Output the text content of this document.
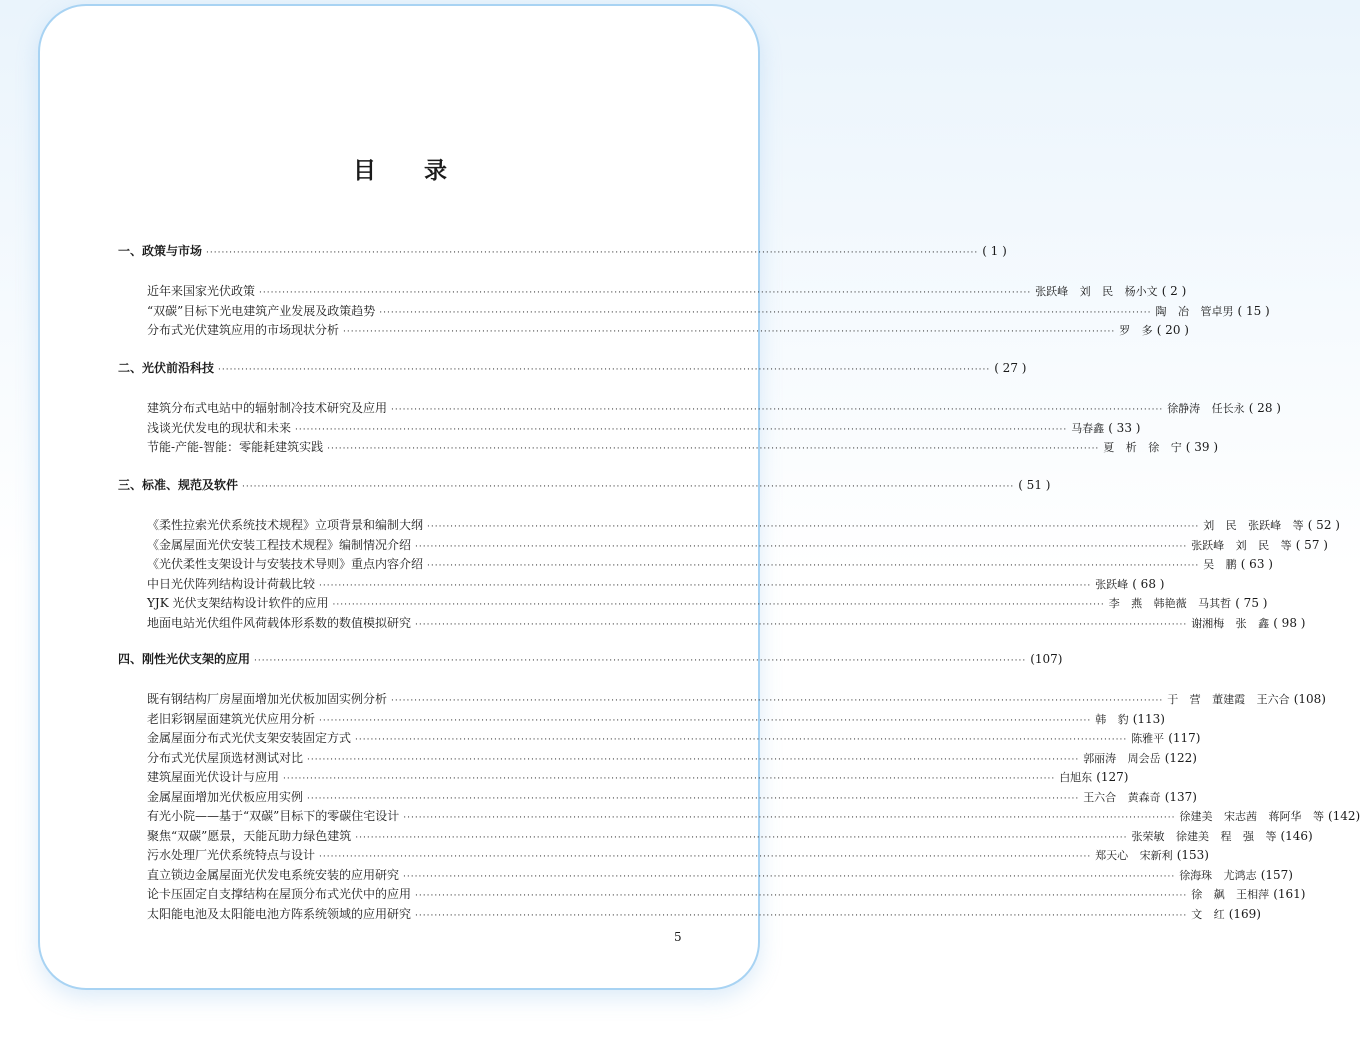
目 录
一、政策与市场 ········································································································································································································ ( 1 )
近年来国家光伏政策 ········································································································································································································ 张跃峰 刘 民 杨小文 ( 2 )
“双碳”目标下光电建筑产业发展及政策趋势 ········································································································································································································ 陶 冶 管卓男 ( 15 )
分布式光伏建筑应用的市场现状分析 ········································································································································································································ 罗 多 ( 20 )
二、光伏前沿科技 ········································································································································································································ ( 27 )
建筑分布式电站中的辐射制冷技术研究及应用 ········································································································································································································ 徐静涛 任长永 ( 28 )
浅谈光伏发电的现状和未来 ········································································································································································································ 马春鑫 ( 33 )
节能-产能-智能：零能耗建筑实践 ········································································································································································································ 夏 析 徐 宁 ( 39 )
三、标准、规范及软件 ········································································································································································································ ( 51 )
《柔性拉索光伏系统技术规程》立项背景和编制大纲 ········································································································································································································ 刘 民 张跃峰 等 ( 52 )
《金属屋面光伏安装工程技术规程》编制情况介绍 ········································································································································································································ 张跃峰 刘 民 等 ( 57 )
《光伏柔性支架设计与安装技术导则》重点内容介绍 ········································································································································································································ 吴 鹏 ( 63 )
中日光伏阵列结构设计荷载比较 ········································································································································································································ 张跃峰 ( 68 )
YJK 光伏支架结构设计软件的应用 ········································································································································································································ 李 燕 韩艳薇 马其哲 ( 75 )
地面电站光伏组件风荷载体形系数的数值模拟研究 ········································································································································································································ 谢湘梅 张 鑫 ( 98 )
四、刚性光伏支架的应用 ········································································································································································································ (107)
既有钢结构厂房屋面增加光伏板加固实例分析 ········································································································································································································ 于 营 董建霞 王六合 (108)
老旧彩钢屋面建筑光伏应用分析 ········································································································································································································ 韩 豹 (113)
金属屋面分布式光伏支架安装固定方式 ········································································································································································································ 陈雅平 (117)
分布式光伏屋顶选材测试对比 ········································································································································································································ 郭丽涛 周会岳 (122)
建筑屋面光伏设计与应用 ········································································································································································································ 白旭东 (127)
金属屋面增加光伏板应用实例 ········································································································································································································ 王六合 黄森奇 (137)
有光小院——基于“双碳”目标下的零碳住宅设计 ········································································································································································································ 徐建美 宋志茜 蒋阿华 等 (142)
聚焦“双碳”愿景，天能瓦助力绿色建筑 ········································································································································································································ 张荣敏 徐建美 程 强 等 (146)
污水处理厂光伏系统特点与设计 ········································································································································································································ 郑天心 宋新利 (153)
直立锁边金属屋面光伏发电系统安装的应用研究 ········································································································································································································ 徐海珠 尤鸿志 (157)
论卡压固定自支撑结构在屋顶分布式光伏中的应用 ········································································································································································································ 徐 飙 王相萍 (161)
太阳能电池及太阳能电池方阵系统领域的应用研究 ········································································································································································································ 文 红 (169)
5
